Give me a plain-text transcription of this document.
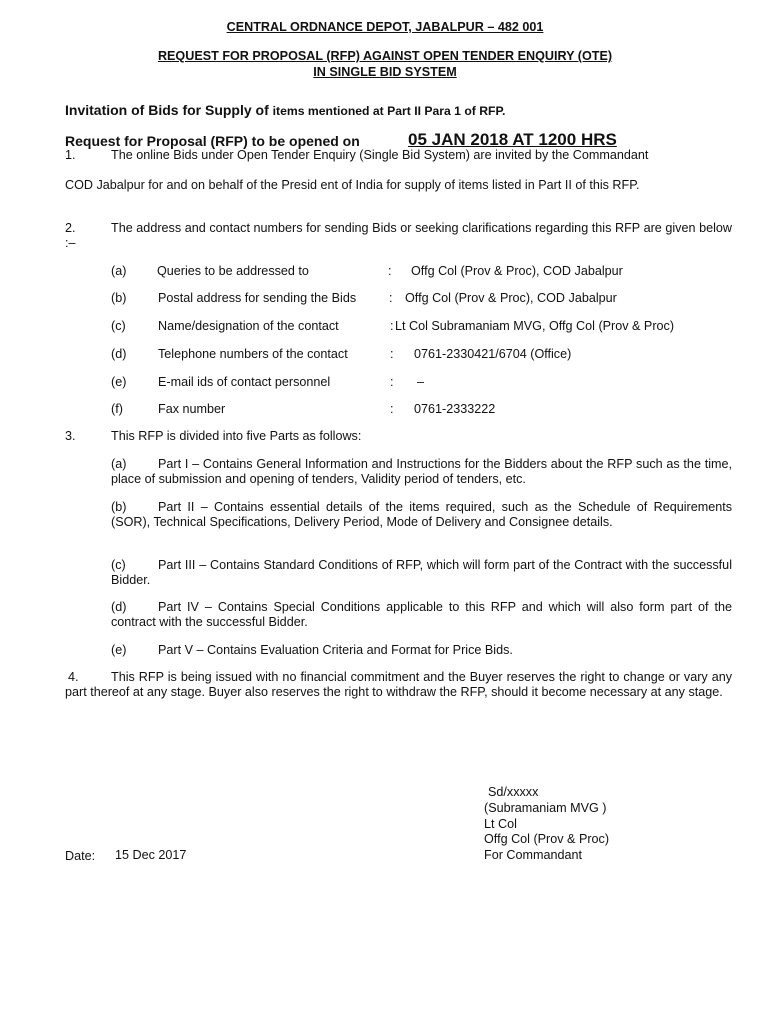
CENTRAL ORDNANCE DEPOT, JABALPUR – 482 001
REQUEST FOR PROPOSAL (RFP) AGAINST OPEN TENDER ENQUIRY (OTE)
IN SINGLE BID SYSTEM
Invitation of Bids for Supply of items mentioned at Part II Para 1 of RFP.
Request for Proposal (RFP) to be opened on	05 JAN 2018 AT 1200 HRS
1.	The online Bids under Open Tender Enquiry (Single Bid System) are invited by the Commandant
COD Jabalpur for and on behalf of the Presid ent of India for supply of items listed in Part II of this RFP.
2.	The address and contact numbers for sending Bids or seeking clarifications regarding this RFP are given below :–
(a) Queries to be addressed to	: Offg Col (Prov & Proc), COD Jabalpur
(b)	Postal address for sending the Bids	: Offg Col (Prov & Proc), COD Jabalpur
(c)	Name/designation of the contact	: Lt Col Subramaniam MVG, Offg Col (Prov & Proc)
(d)	Telephone numbers of the contact	: 0761-2330421/6704 (Office)
(e)	E-mail ids of contact personnel	: –
(f)	Fax number	: 0761-2333222
3.	This RFP is divided into five Parts as follows:
(a)	Part I – Contains General Information and Instructions for the Bidders about the RFP such as the time, place of submission and opening of tenders, Validity period of tenders, etc.
(b)	Part II – Contains essential details of the items required, such as the Schedule of Requirements (SOR), Technical Specifications, Delivery Period, Mode of Delivery and Consignee details.
(c)	Part III – Contains Standard Conditions of RFP, which will form part of the Contract with the successful Bidder.
(d)	Part IV – Contains Special Conditions applicable to this RFP and which will also form part of the contract with the successful Bidder.
(e)	Part V – Contains Evaluation Criteria and Format for Price Bids.
4.	This RFP is being issued with no financial commitment and the Buyer reserves the right to change or vary any part thereof at any stage. Buyer also reserves the right to withdraw the RFP, should it become necessary at any stage.
Sd/xxxxx
(Subramaniam MVG )
Lt Col
Offg Col (Prov & Proc)
For Commandant
Date: 15 Dec 2017
